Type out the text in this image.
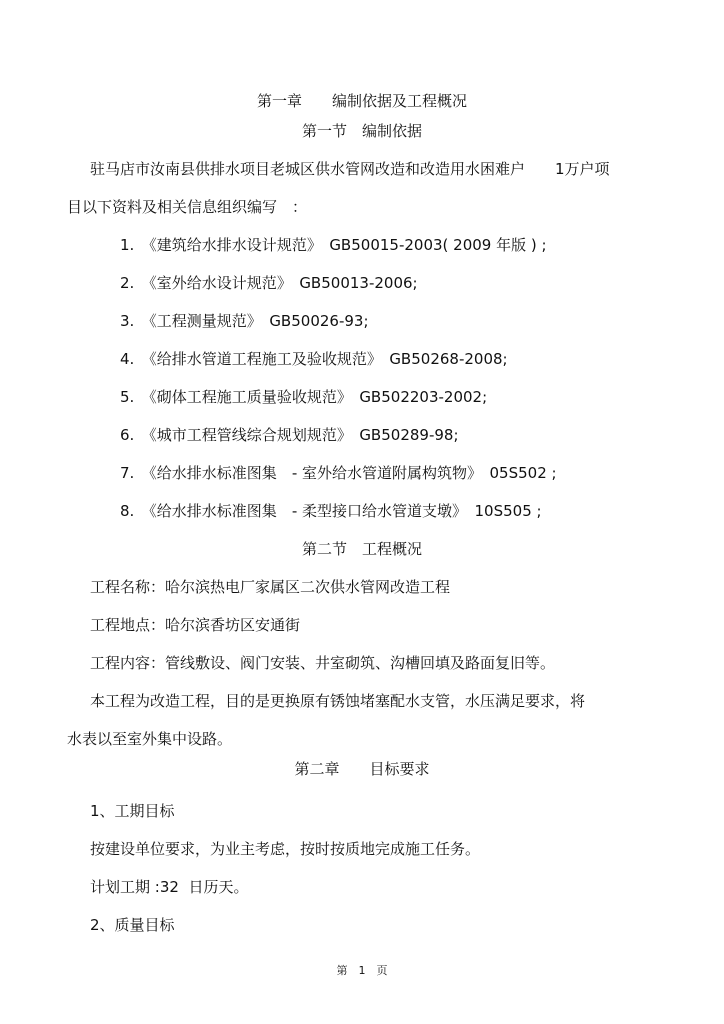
第一章　　编制依据及工程概况
第一节　编制依据
驻马店市汝南县供排水项目老城区供水管网改造和改造用水困难户　　1万户项
目以下资料及相关信息组织编写　：
1.　《建筑给水排水设计规范》　GB50015-2003( 2009 年版 ) ;
2.　《室外给水设计规范》　GB50013-2006;
3.　《工程测量规范》　GB50026-93;
4.　《给排水管道工程施工及验收规范》　GB50268-2008;
5.　《砌体工程施工质量验收规范》　GB502203-2002;
6.　《城市工程管线综合规划规范》　GB50289-98;
7.　《给水排水标准图集　- 室外给水管道附属构筑物》　05S502 ;
8.　《给水排水标准图集　- 柔型接口给水管道支墩》　10S505 ;
第二节　工程概况
工程名称：哈尔滨热电厂家属区二次供水管网改造工程
工程地点：哈尔滨香坊区安通街
工程内容：管线敷设、阀门安装、井室砌筑、沟槽回填及路面复旧等。
本工程为改造工程，目的是更换原有锈蚀堵塞配水支管，水压满足要求，将
水表以至室外集中设路。
第二章　　目标要求
1、工期目标
按建设单位要求，为业主考虑，按时按质地完成施工任务。
计划工期 :32  日历天。
2、质量目标
第　1　页
